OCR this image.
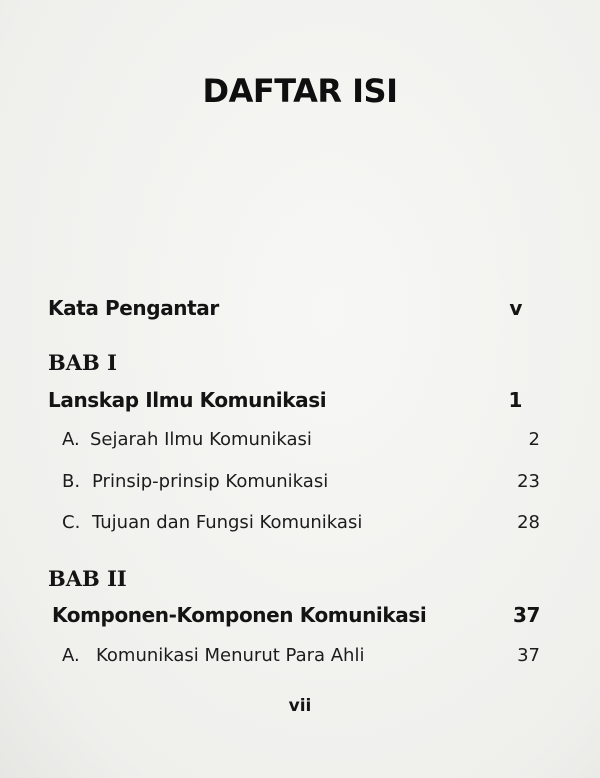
DAFTAR ISI
Kata Pengantar	v
BAB I
Lanskap Ilmu Komunikasi	1
A. Sejarah Ilmu Komunikasi	2
B. Prinsip-prinsip Komunikasi	23
C. Tujuan dan Fungsi Komunikasi	28
BAB II
Komponen-Komponen Komunikasi	37
A. Komunikasi Menurut Para Ahli	37
vii
